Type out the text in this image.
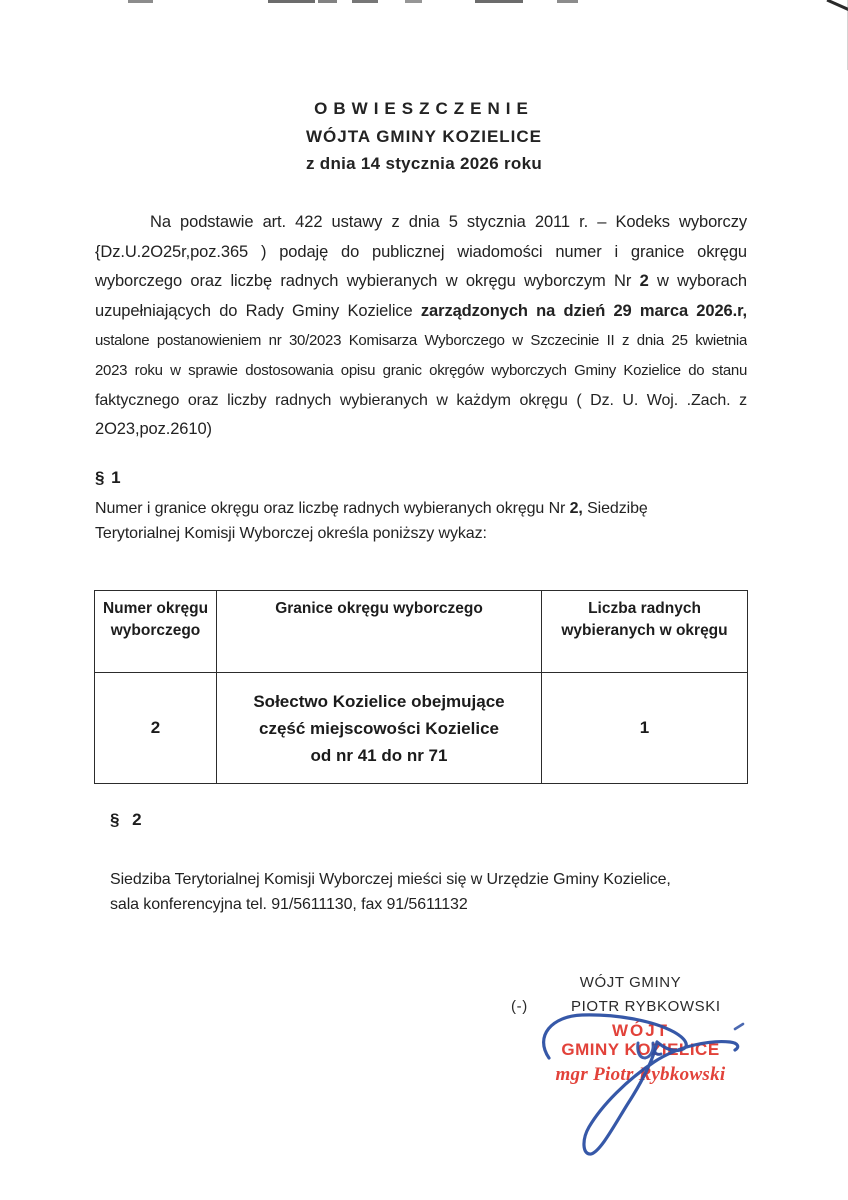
OBWIESZCZENIE
WÓJTA GMINY KOZIELICE
z dnia 14 stycznia 2026 roku
Na podstawie art. 422 ustawy z dnia 5 stycznia 2011 r. – Kodeks wyborczy
{Dz.U.2O25r,poz.365 ) podaję do publicznej wiadomości numer i granice okręgu
wyborczego oraz liczbę radnych wybieranych w okręgu wyborczym Nr 2 w wyborach
uzupełniających do Rady Gminy Kozielice zarządzonych na dzień 29 marca 2026.r,
ustalone postanowieniem nr 30/2023 Komisarza Wyborczego w Szczecinie II z dnia 25 kwietnia
2023 roku w sprawie dostosowania opisu granic okręgów wyborczych Gminy Kozielice do stanu
faktycznego oraz liczby radnych wybieranych w każdym okręgu ( Dz. U. Woj. .Zach. z
2O23,poz.2610)
§ 1
Numer i granice okręgu oraz liczbę radnych wybieranych okręgu Nr 2, Siedzibę
Terytorialnej Komisji Wyborczej określa poniższy wykaz:
Numer okręgu wyborczego	Granice okręgu wyborczego	Liczba radnych wybieranych w okręgu
2	Sołectwo Kozielice obejmujące
część miejscowości Kozielice
od nr 41 do nr 71	1
§ 2
Siedziba Terytorialnej Komisji Wyborczej mieści się w Urzędzie Gminy Kozielice,
sala konferencyjna tel. 91/5611130, fax 91/5611132
WÓJT GMINY
(-)	PIOTR RYBKOWSKI
WÓJT
GMINY KOZIELICE
mgr Piotr Rybkowski
